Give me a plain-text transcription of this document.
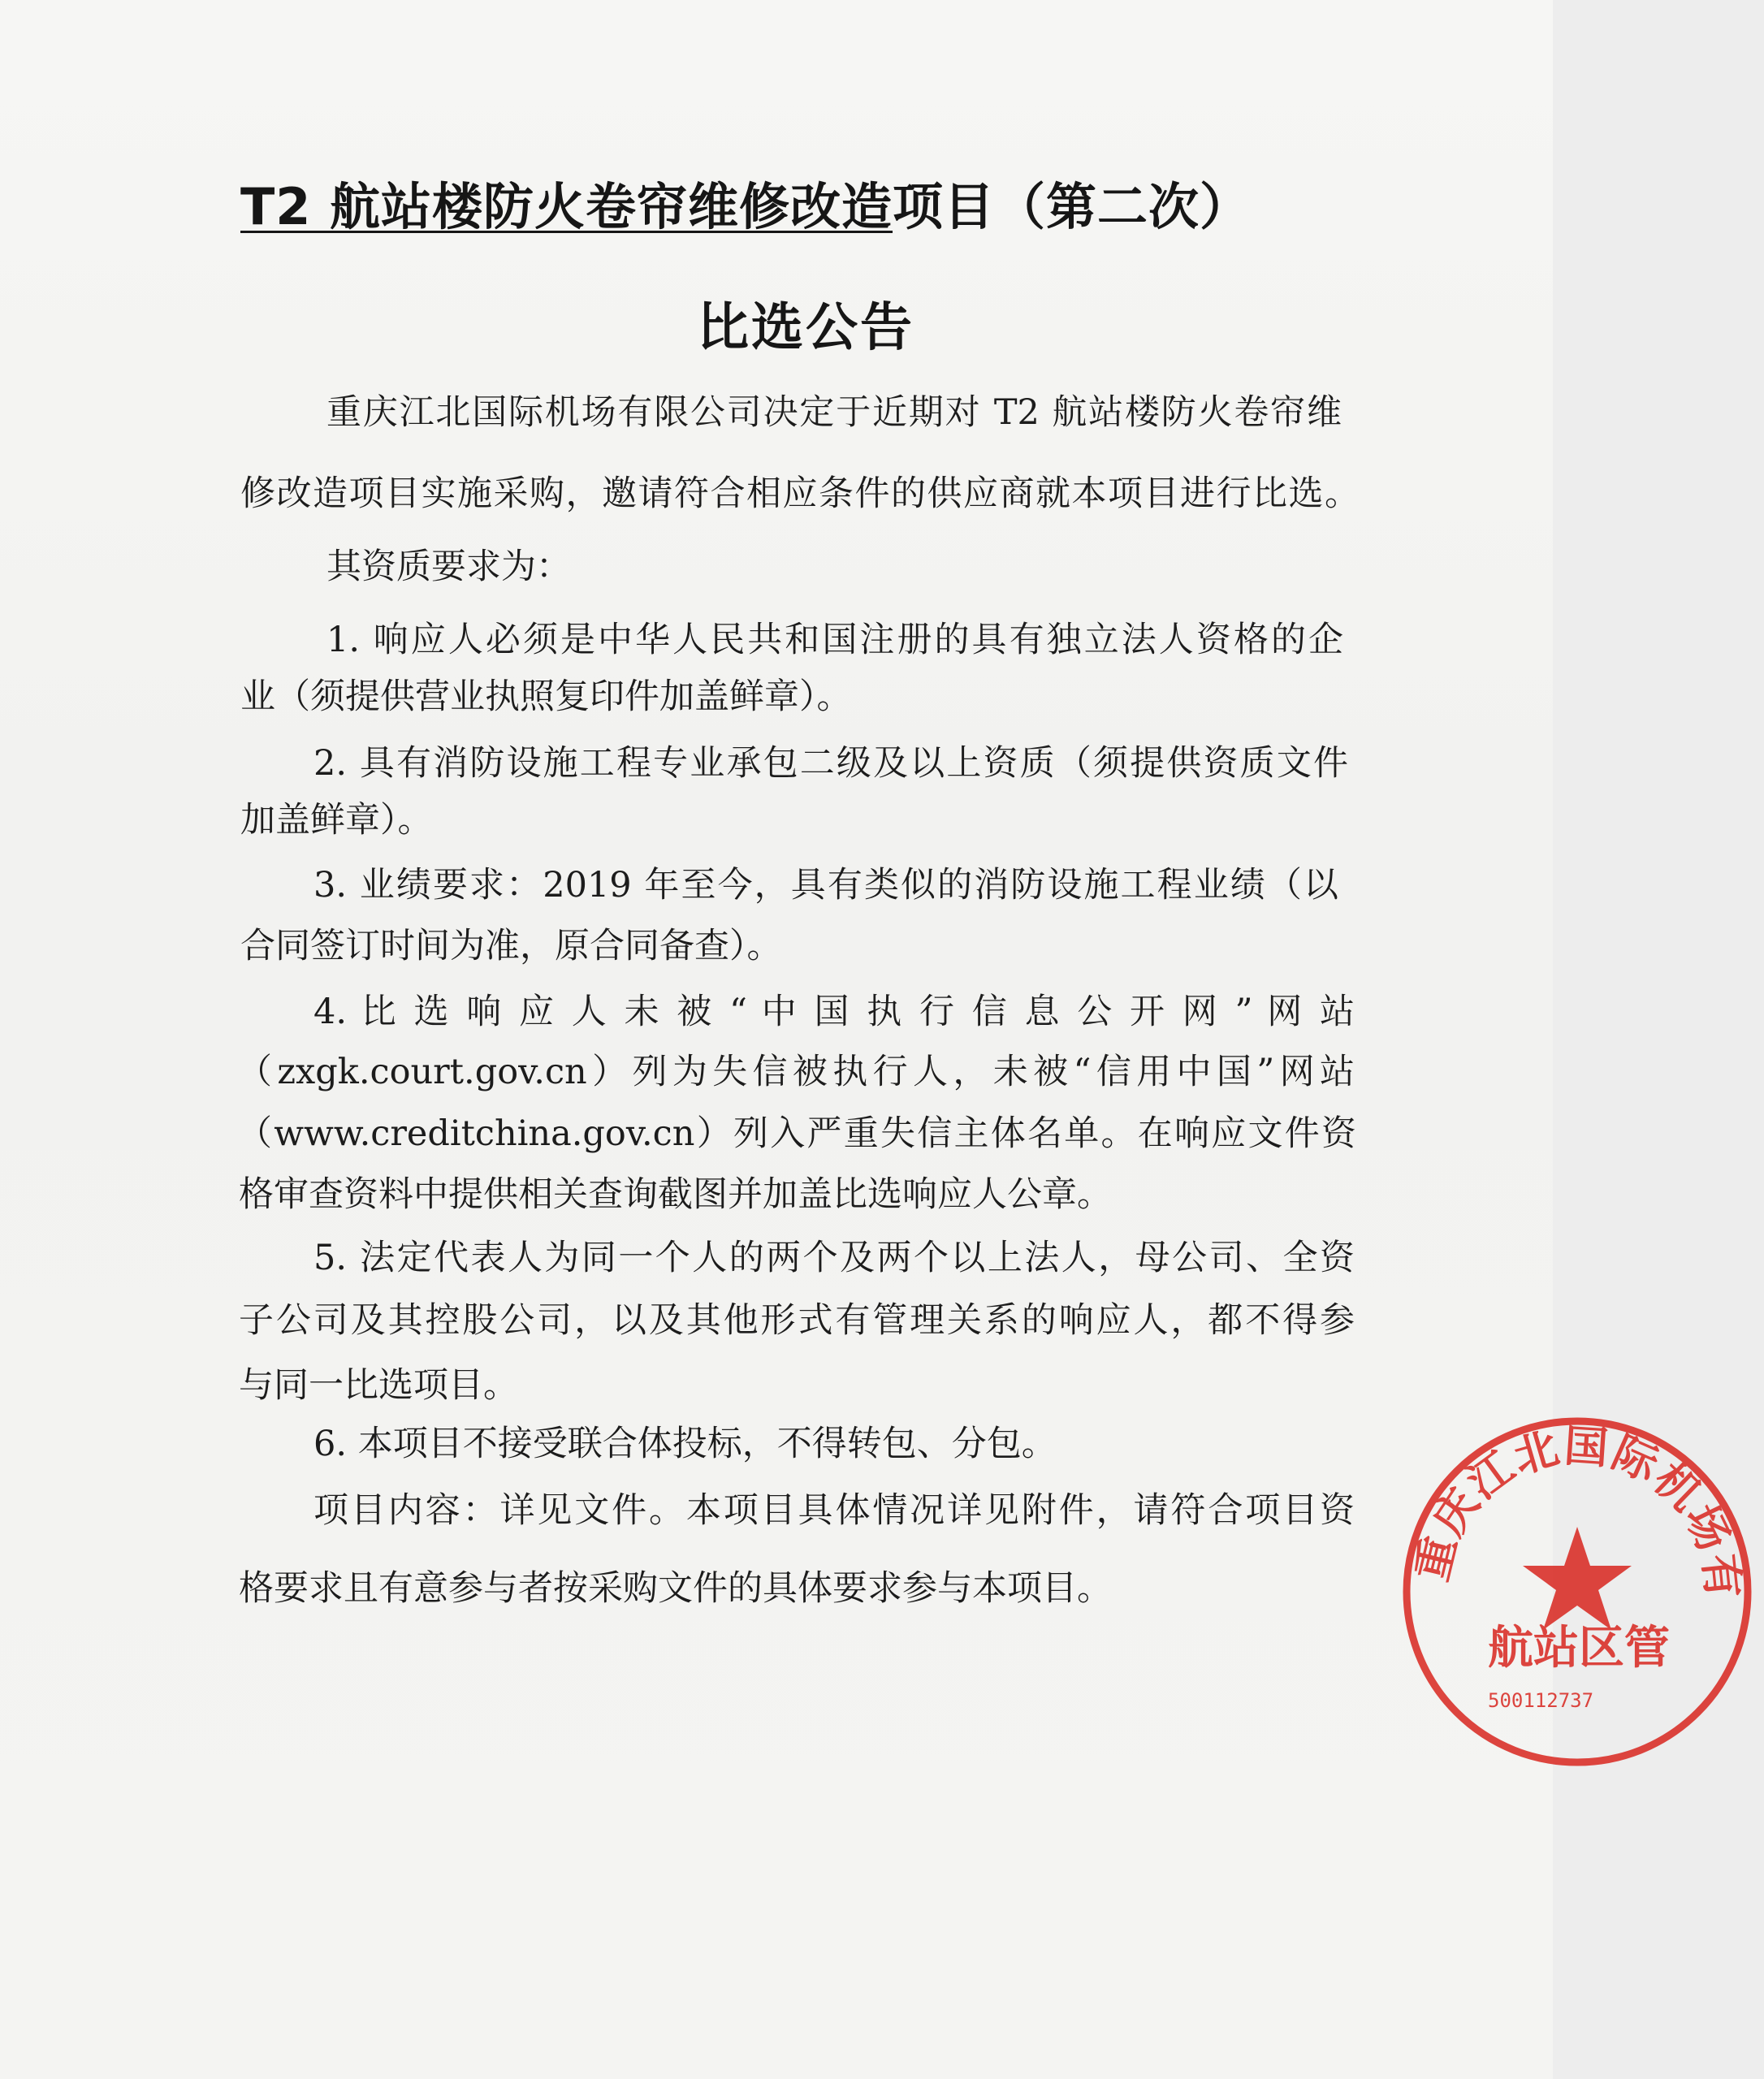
T2 航站楼防火卷帘维修改造项目（第二次）
比选公告
重庆江北国际机场有限公司决定于近期对 T2 航站楼防火卷帘维
修改造项目实施采购，邀请符合相应条件的供应商就本项目进行比选。
其资质要求为：
1. 响应人必须是中华人民共和国注册的具有独立法人资格的企
业（须提供营业执照复印件加盖鲜章）。
2. 具有消防设施工程专业承包二级及以上资质（须提供资质文件
加盖鲜章）。
3. 业绩要求：2019 年至今，具有类似的消防设施工程业绩（以
合同签订时间为准，原合同备查）。
4. 比 选 响 应 人 未 被 “ 中 国 执 行 信 息 公 开 网 ” 网 站
（zxgk.court.gov.cn）列为失信被执行人，未被“信用中国”网站
（www.creditchina.gov.cn）列入严重失信主体名单。在响应文件资
格审查资料中提供相关查询截图并加盖比选响应人公章。
5. 法定代表人为同一个人的两个及两个以上法人，母公司、全资
子公司及其控股公司，以及其他形式有管理关系的响应人，都不得参
与同一比选项目。
6. 本项目不接受联合体投标，不得转包、分包。
项目内容：详见文件。本项目具体情况详见附件，请符合项目资
格要求且有意参与者按采购文件的具体要求参与本项目。
重庆江北国际机场有
航站区管
500112737
